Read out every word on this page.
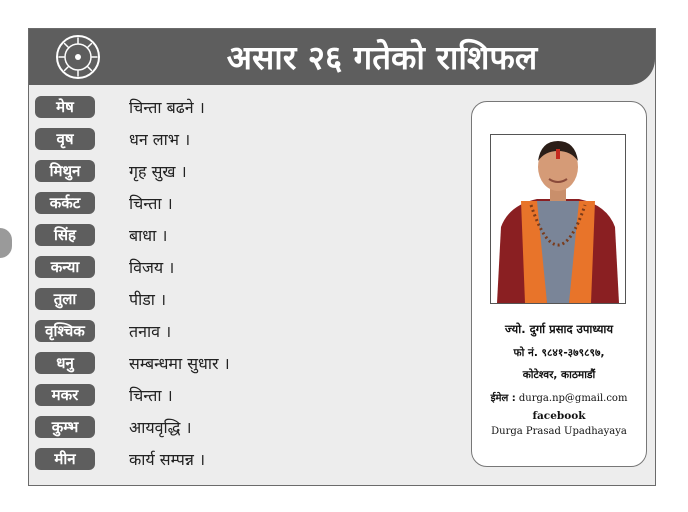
असार २६ गतेको राशिफल
मेष	चिन्ता बढने ।
वृष	धन लाभ ।
मिथुन	गृह सुख ।
कर्कट	चिन्ता ।
सिंह	बाधा ।
कन्या	विजय ।
तुला	पीडा ।
वृश्चिक	तनाव ।
धनु	सम्बन्धमा सुधार ।
मकर	चिन्ता ।
कुम्भ	आयवृद्धि ।
मीन	कार्य सम्पन्न ।
ज्यो. दुर्गा प्रसाद उपाध्याय
फो नं. ९८४१-३७९८९७,
कोटेश्वर, काठमाडौं
ईमेल : durga.np@gmail.com
facebook
Durga Prasad Upadhayaya
